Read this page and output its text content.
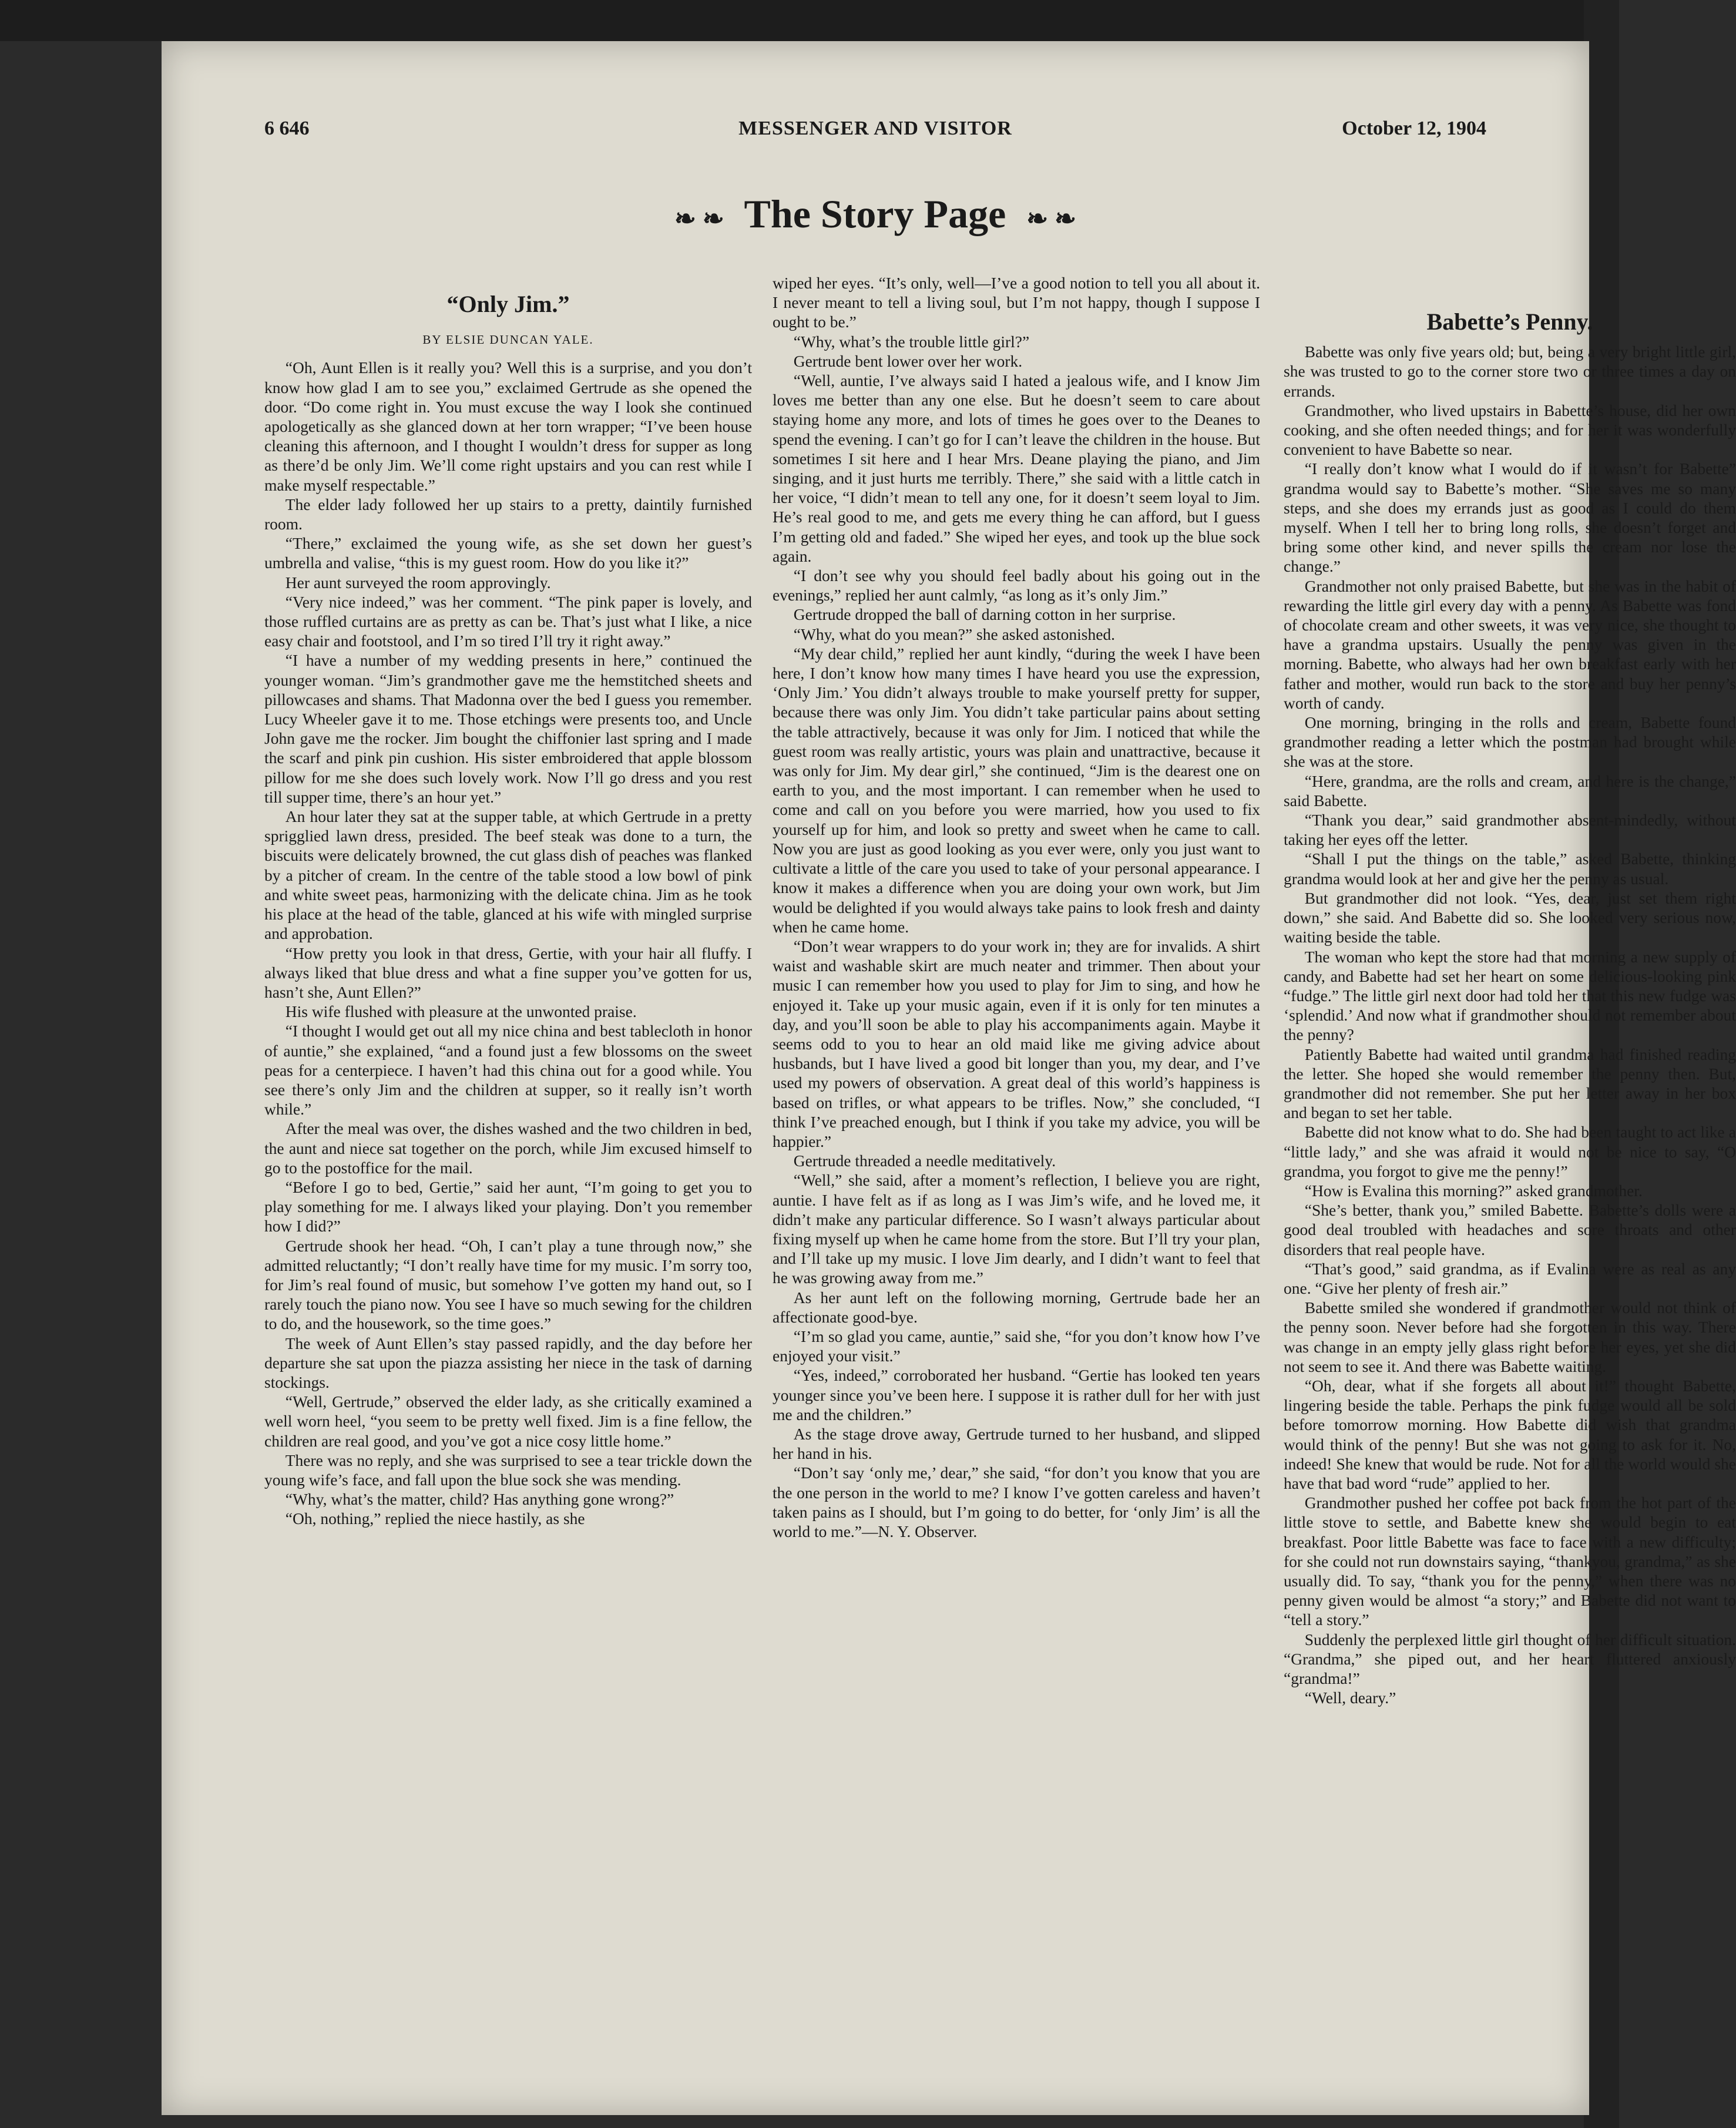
6 646	MESSENGER AND VISITOR	October 12, 1904
❧ ❧ The Story Page ❧ ❧
“Only Jim.”
BY ELSIE DUNCAN YALE.

“Oh, Aunt Ellen is it really you? Well this is a surprise, and you don’t know how glad I am to see you,” exclaimed Gertrude as she opened the door. “Do come right in. You must excuse the way I look she continued apologetically as she glanced down at her torn wrapper; “I’ve been house cleaning this afternoon, and I thought I wouldn’t dress for supper as long as there’d be only Jim. We’ll come right upstairs and you can rest while I make myself respectable.”

The elder lady followed her up stairs to a pretty, daintily furnished room.

“There,” exclaimed the young wife, as she set down her guest’s umbrella and valise, “this is my guest room. How do you like it?”

Her aunt surveyed the room approvingly.

“Very nice indeed,” was her comment. “The pink paper is lovely, and those ruffled curtains are as pretty as can be. That’s just what I like, a nice easy chair and footstool, and I’m so tired I’ll try it right away.”

“I have a number of my wedding presents in here,” continued the younger woman. “Jim’s grandmother gave me the hemstitched sheets and pillowcases and shams. That Madonna over the bed I guess you remember. Lucy Wheeler gave it to me. Those etchings were presents too, and Uncle John gave me the rocker. Jim bought the chiffonier last spring and I made the scarf and pink pin cushion. His sister embroidered that apple blossom pillow for me she does such lovely work. Now I’ll go dress and you rest till supper time, there’s an hour yet.”

An hour later they sat at the supper table, at which Gertrude in a pretty sprigglied lawn dress, presided. The beef steak was done to a turn, the biscuits were delicately browned, the cut glass dish of peaches was flanked by a pitcher of cream. In the centre of the table stood a low bowl of pink and white sweet peas, harmonizing with the delicate china. Jim as he took his place at the head of the table, glanced at his wife with mingled surprise and approbation.

“How pretty you look in that dress, Gertie, with your hair all fluffy. I always liked that blue dress and what a fine supper you’ve gotten for us, hasn’t she, Aunt Ellen?”

His wife flushed with pleasure at the unwonted praise.

“I thought I would get out all my nice china and best tablecloth in honor of auntie,” she explained, “and a found just a few blossoms on the sweet peas for a centerpiece. I haven’t had this china out for a good while. You see there’s only Jim and the children at supper, so it really isn’t worth while.”

After the meal was over, the dishes washed and the two children in bed, the aunt and niece sat together on the porch, while Jim excused himself to go to the postoffice for the mail.

“Before I go to bed, Gertie,” said her aunt, “I’m going to get you to play something for me. I always liked your playing. Don’t you remember how I did?”

Gertrude shook her head. “Oh, I can’t play a tune through now,” she admitted reluctantly; “I don’t really have time for my music. I’m sorry too, for Jim’s real found of music, but somehow I’ve gotten my hand out, so I rarely touch the piano now. You see I have so much sewing for the children to do, and the housework, so the time goes.”

The week of Aunt Ellen’s stay passed rapidly, and the day before her departure she sat upon the piazza assisting her niece in the task of darning stockings.

“Well, Gertrude,” observed the elder lady, as she critically examined a well worn heel, “you seem to be pretty well fixed. Jim is a fine fellow, the children are real good, and you’ve got a nice cosy little home.”

There was no reply, and she was surprised to see a tear trickle down the young wife’s face, and fall upon the blue sock she was mending.

“Why, what’s the matter, child? Has anything gone wrong?”

“Oh, nothing,” replied the niece hastily, as she

wiped her eyes. “It’s only, well—I’ve a good notion to tell you all about it. I never meant to tell a living soul, but I’m not happy, though I suppose I ought to be.”

“Why, what’s the trouble little girl?”

Gertrude bent lower over her work.

“Well, auntie, I’ve always said I hated a jealous wife, and I know Jim loves me better than any one else. But he doesn’t seem to care about staying home any more, and lots of times he goes over to the Deanes to spend the evening. I can’t go for I can’t leave the children in the house. But sometimes I sit here and I hear Mrs. Deane playing the piano, and Jim singing, and it just hurts me terribly. There,” she said with a little catch in her voice, “I didn’t mean to tell any one, for it doesn’t seem loyal to Jim. He’s real good to me, and gets me every thing he can afford, but I guess I’m getting old and faded.” She wiped her eyes, and took up the blue sock again.

“I don’t see why you should feel badly about his going out in the evenings,” replied her aunt calmly, “as long as it’s only Jim.”

Gertrude dropped the ball of darning cotton in her surprise.

“Why, what do you mean?” she asked astonished.

“My dear child,” replied her aunt kindly, “during the week I have been here, I don’t know how many times I have heard you use the expression, ‘Only Jim.’ You didn’t always trouble to make yourself pretty for supper, because there was only Jim. You didn’t take particular pains about setting the table attractively, because it was only for Jim. I noticed that while the guest room was really artistic, yours was plain and unattractive, because it was only for Jim. My dear girl,” she continued, “Jim is the dearest one on earth to you, and the most important. I can remember when he used to come and call on you before you were married, how you used to fix yourself up for him, and look so pretty and sweet when he came to call. Now you are just as good looking as you ever were, only you just want to cultivate a little of the care you used to take of your personal appearance. I know it makes a difference when you are doing your own work, but Jim would be delighted if you would always take pains to look fresh and dainty when he came home.

“Don’t wear wrappers to do your work in; they are for invalids. A shirt waist and washable skirt are much neater and trimmer. Then about your music I can remember how you used to play for Jim to sing, and how he enjoyed it. Take up your music again, even if it is only for ten minutes a day, and you’ll soon be able to play his accompaniments again. Maybe it seems odd to you to hear an old maid like me giving advice about husbands, but I have lived a good bit longer than you, my dear, and I’ve used my powers of observation. A great deal of this world’s happiness is based on trifles, or what appears to be trifles. Now,” she concluded, “I think I’ve preached enough, but I think if you take my advice, you will be happier.”

Gertrude threaded a needle meditatively.

“Well,” she said, after a moment’s reflection, I believe you are right, auntie. I have felt as if as long as I was Jim’s wife, and he loved me, it didn’t make any particular difference. So I wasn’t always particular about fixing myself up when he came home from the store. But I’ll try your plan, and I’ll take up my music. I love Jim dearly, and I didn’t want to feel that he was growing away from me.”

As her aunt left on the following morning, Gertrude bade her an affectionate good-bye.

“I’m so glad you came, auntie,” said she, “for you don’t know how I’ve enjoyed your visit.”

“Yes, indeed,” corroborated her husband. “Gertie has looked ten years younger since you’ve been here. I suppose it is rather dull for her with just me and the children.”

As the stage drove away, Gertrude turned to her husband, and slipped her hand in his.

“Don’t say ‘only me,’ dear,” she said, “for don’t you know that you are the one person in the world to me? I know I’ve gotten careless and haven’t taken pains as I should, but I’m going to do better, for ‘only Jim’ is all the world to me.”—N. Y. Observer.

Babette’s Penny.

Babette was only five years old; but, being a very bright little girl, she was trusted to go to the corner store two or three times a day on errands.

Grandmother, who lived upstairs in Babette’s house, did her own cooking, and she often needed things; and for her it was wonderfully convenient to have Babette so near.

“I really don’t know what I would do if it wasn’t for Babette” grandma would say to Babette’s mother. “She saves me so many steps, and she does my errands just as good as I could do them myself. When I tell her to bring long rolls, she doesn’t forget and bring some other kind, and never spills the cream nor lose the change.”

Grandmother not only praised Babette, but she was in the habit of rewarding the little girl every day with a penny. As Babette was fond of chocolate cream and other sweets, it was very nice, she thought to have a grandma upstairs. Usually the penny was given in the morning. Babette, who always had her own breakfast early with her father and mother, would run back to the store and buy her penny’s worth of candy.

One morning, bringing in the rolls and cream, Babette found grandmother reading a letter which the postman had brought while she was at the store.

“Here, grandma, are the rolls and cream, and here is the change,” said Babette.

“Thank you dear,” said grandmother absent-mindedly, without taking her eyes off the letter.

“Shall I put the things on the table,” asked Babette, thinking grandma would look at her and give her the penny as usual.

But grandmother did not look. “Yes, dear, just set them right down,” she said. And Babette did so. She looked very serious now, waiting beside the table.

The woman who kept the store had that morning a new supply of candy, and Babette had set her heart on some delicious-looking pink “fudge.” The little girl next door had told her that this new fudge was ‘splendid.’ And now what if grandmother should not remember about the penny?

Patiently Babette had waited until grandma had finished reading the letter. She hoped she would remember the penny then. But, grandmother did not remember. She put her letter away in her box and began to set her table.

Babette did not know what to do. She had been taught to act like a “little lady,” and she was afraid it would not be nice to say, “O grandma, you forgot to give me the penny!”

“How is Evalina this morning?” asked grandmother.

“She’s better, thank you,” smiled Babette. Babette’s dolls were a good deal troubled with headaches and sore throats and other disorders that real people have.

“That’s good,” said grandma, as if Evalina were as real as any one. “Give her plenty of fresh air.”

Babette smiled she wondered if grandmother would not think of the penny soon. Never before had she forgotten in this way. There was change in an empty jelly glass right before her eyes, yet she did not seem to see it. And there was Babette waiting.

“Oh, dear, what if she forgets all about it!” thought Babette, lingering beside the table. Perhaps the pink fudge would all be sold before tomorrow morning. How Babette did wish that grandma would think of the penny! But she was not going to ask for it. No, indeed! She knew that would be rude. Not for all the world would she have that bad word “rude” applied to her.

Grandmother pushed her coffee pot back from the hot part of the little stove to settle, and Babette knew she would begin to eat breakfast. Poor little Babette was face to face with a new difficulty; for she could not run downstairs saying, “thankyou, grandma,” as she usually did. To say, “thank you for the penny,” when there was no penny given would be almost “a story;” and Babette did not want to “tell a story.”

Suddenly the perplexed little girl thought of her difficult situation. “Grandma,” she piped out, and her heart fluttered anxiously “grandma!”

“Well, deary.”
